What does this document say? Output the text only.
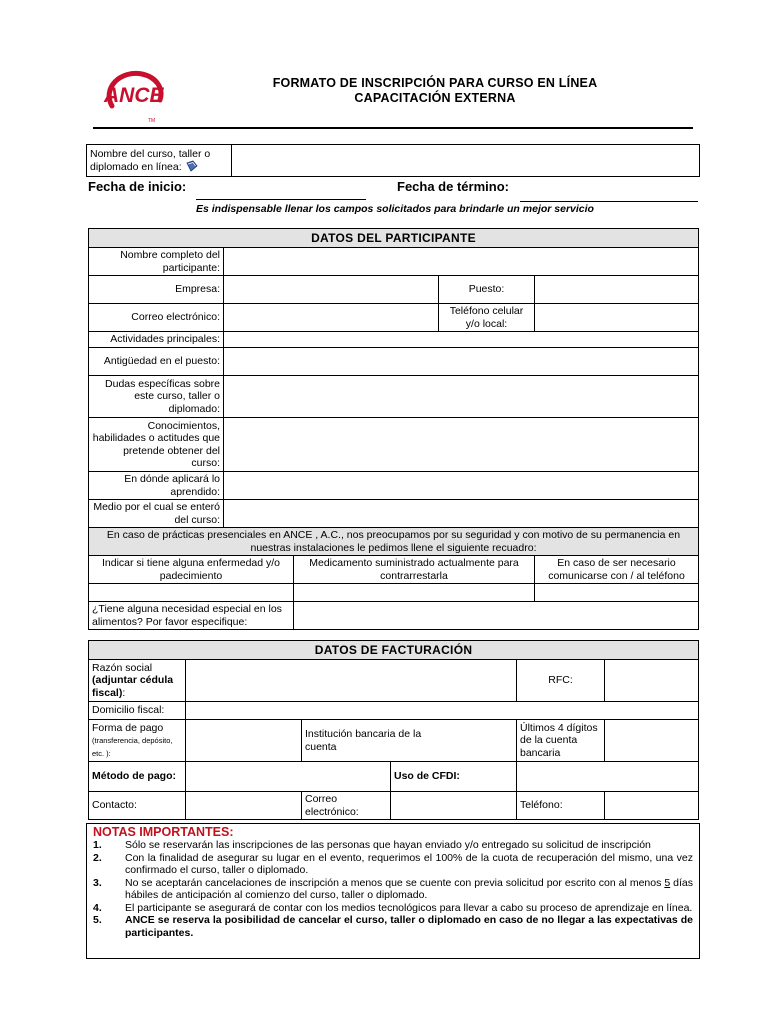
ANCE
TM
FORMATO DE INSCRIPCIÓN PARA CURSO EN LÍNEA
CAPACITACIÓN EXTERNA
Nombre del curso, taller o diplomado en línea:	
Fecha de inicio:	Fecha de término:
Es indispensable llenar los campos solicitados para brindarle un mejor servicio
DATOS DEL PARTICIPANTE				
Nombre completo del participante:				
Empresa:			Puesto:	
Correo electrónico:			Teléfono celular y/o local:	
Actividades principales:				
Antigüedad en el puesto:				
Dudas específicas sobre este curso, taller o diplomado:				
Conocimientos, habilidades o actitudes que pretende obtener del curso:				
En dónde aplicará lo aprendido:				
Medio por el cual se enteró del curso:				
En caso de prácticas presenciales en ANCE , A.C., nos preocupamos por su seguridad y con motivo de su permanencia en nuestras instalaciones le pedimos llene el siguiente recuadro:				
Indicar si tiene alguna enfermedad y/o padecimiento		Medicamento suministrado actualmente para contrarrestarla		En caso de ser necesario comunicarse con / al teléfono

¿Tiene alguna necesidad especial en los alimentos? Por favor especifique:				
DATOS DE FACTURACIÓN					
Razón social
(adjuntar cédula fiscal):				RFC:	
Domicilio fiscal:					
Forma de pago
(transferencia, depósito, etc. ):		Institución bancaria de la cuenta		Últimos 4 dígitos de la cuenta bancaria	
Método de pago:			Uso de CFDI:		
Contacto:		Correo electrónico:		Teléfono:	
NOTAS IMPORTANTES:
1.	Sólo se reservarán las inscripciones de las personas que hayan enviado y/o entregado su solicitud de inscripción
2.	Con la finalidad de asegurar su lugar en el evento, requerimos el 100% de la cuota de recuperación del mismo, una vez confirmado el curso, taller o diplomado.
3.	No se aceptarán cancelaciones de inscripción a menos que se cuente con previa solicitud por escrito con al menos 5 días hábiles de anticipación al comienzo del curso, taller o diplomado.
4.	El participante se asegurará de contar con los medios tecnológicos para llevar a cabo su proceso de aprendizaje en línea.
5.	ANCE se reserva la posibilidad de cancelar el curso, taller o diplomado en caso de no llegar a las expectativas de participantes.
